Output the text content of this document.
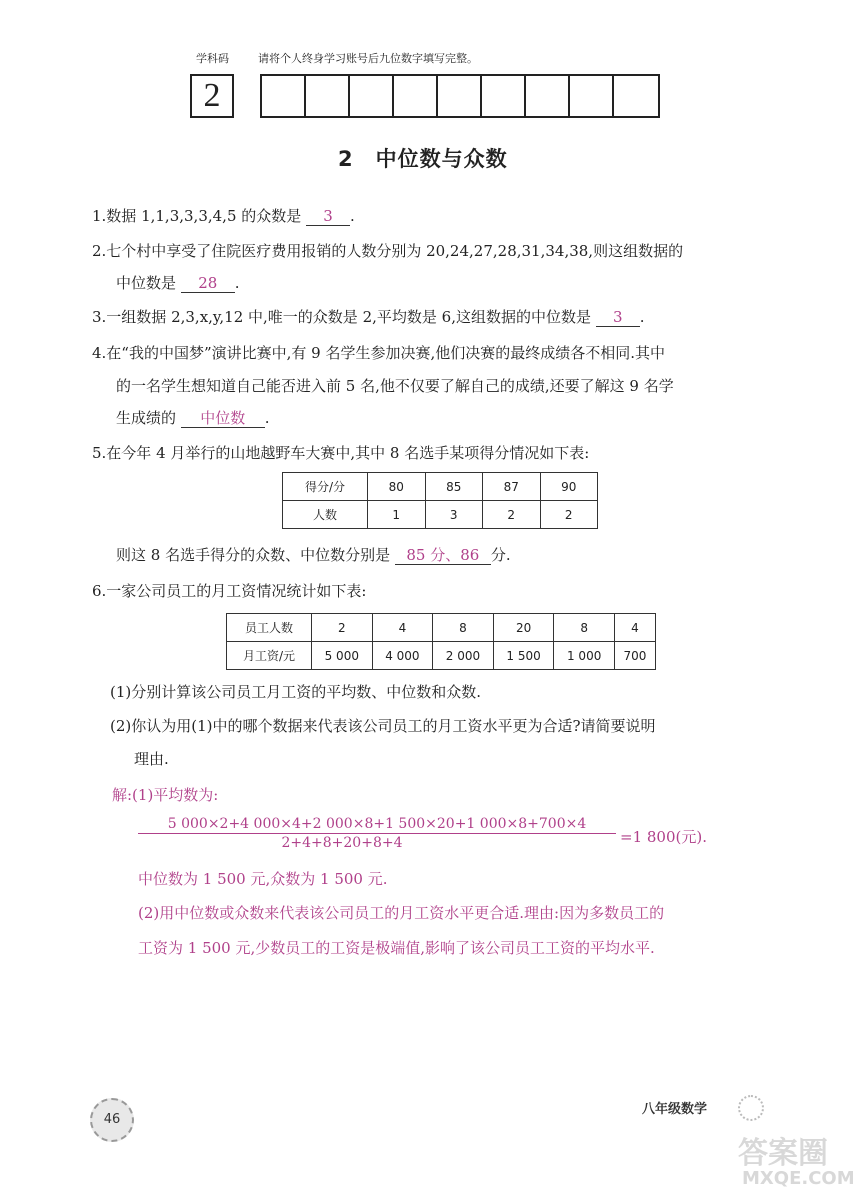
学科码	请将个人终身学习账号后九位数字填写完整。
2
2　中位数与众数
1.数据 1,1,3,3,3,4,5 的众数是 3 .
2.七个村中享受了住院医疗费用报销的人数分别为 20,24,27,28,31,34,38,则这组数据的
中位数是 28 .
3.一组数据 2,3,x,y,12 中,唯一的众数是 2,平均数是 6,这组数据的中位数是 3 .
4.在“我的中国梦”演讲比赛中,有 9 名学生参加决赛,他们决赛的最终成绩各不相同.其中
的一名学生想知道自己能否进入前 5 名,他不仅要了解自己的成绩,还要了解这 9 名学
生成绩的 中位数 .
5.在今年 4 月举行的山地越野车大赛中,其中 8 名选手某项得分情况如下表:
得分/分	80	85	87	90
人数	1	3	2	2
则这 8 名选手得分的众数、中位数分别是 85 分、86 分.
6.一家公司员工的月工资情况统计如下表:
员工人数	2	4	8	20	8	4
月工资/元	5 000	4 000	2 000	1 500	1 000	700
(1)分别计算该公司员工月工资的平均数、中位数和众数.
(2)你认为用(1)中的哪个数据来代表该公司员工的月工资水平更为合适?请简要说明
理由.
解:(1)平均数为:
5 000×2+4 000×4+2 000×8+1 500×20+1 000×8+700×4
2+4+8+20+8+4	=1 800(元).
中位数为 1 500 元,众数为 1 500 元.
(2)用中位数或众数来代表该公司员工的月工资水平更合适.理由:因为多数员工的
工资为 1 500 元,少数员工的工资是极端值,影响了该公司员工工资的平均水平.
46
八年级数学
答案圈
MXQE.COM
